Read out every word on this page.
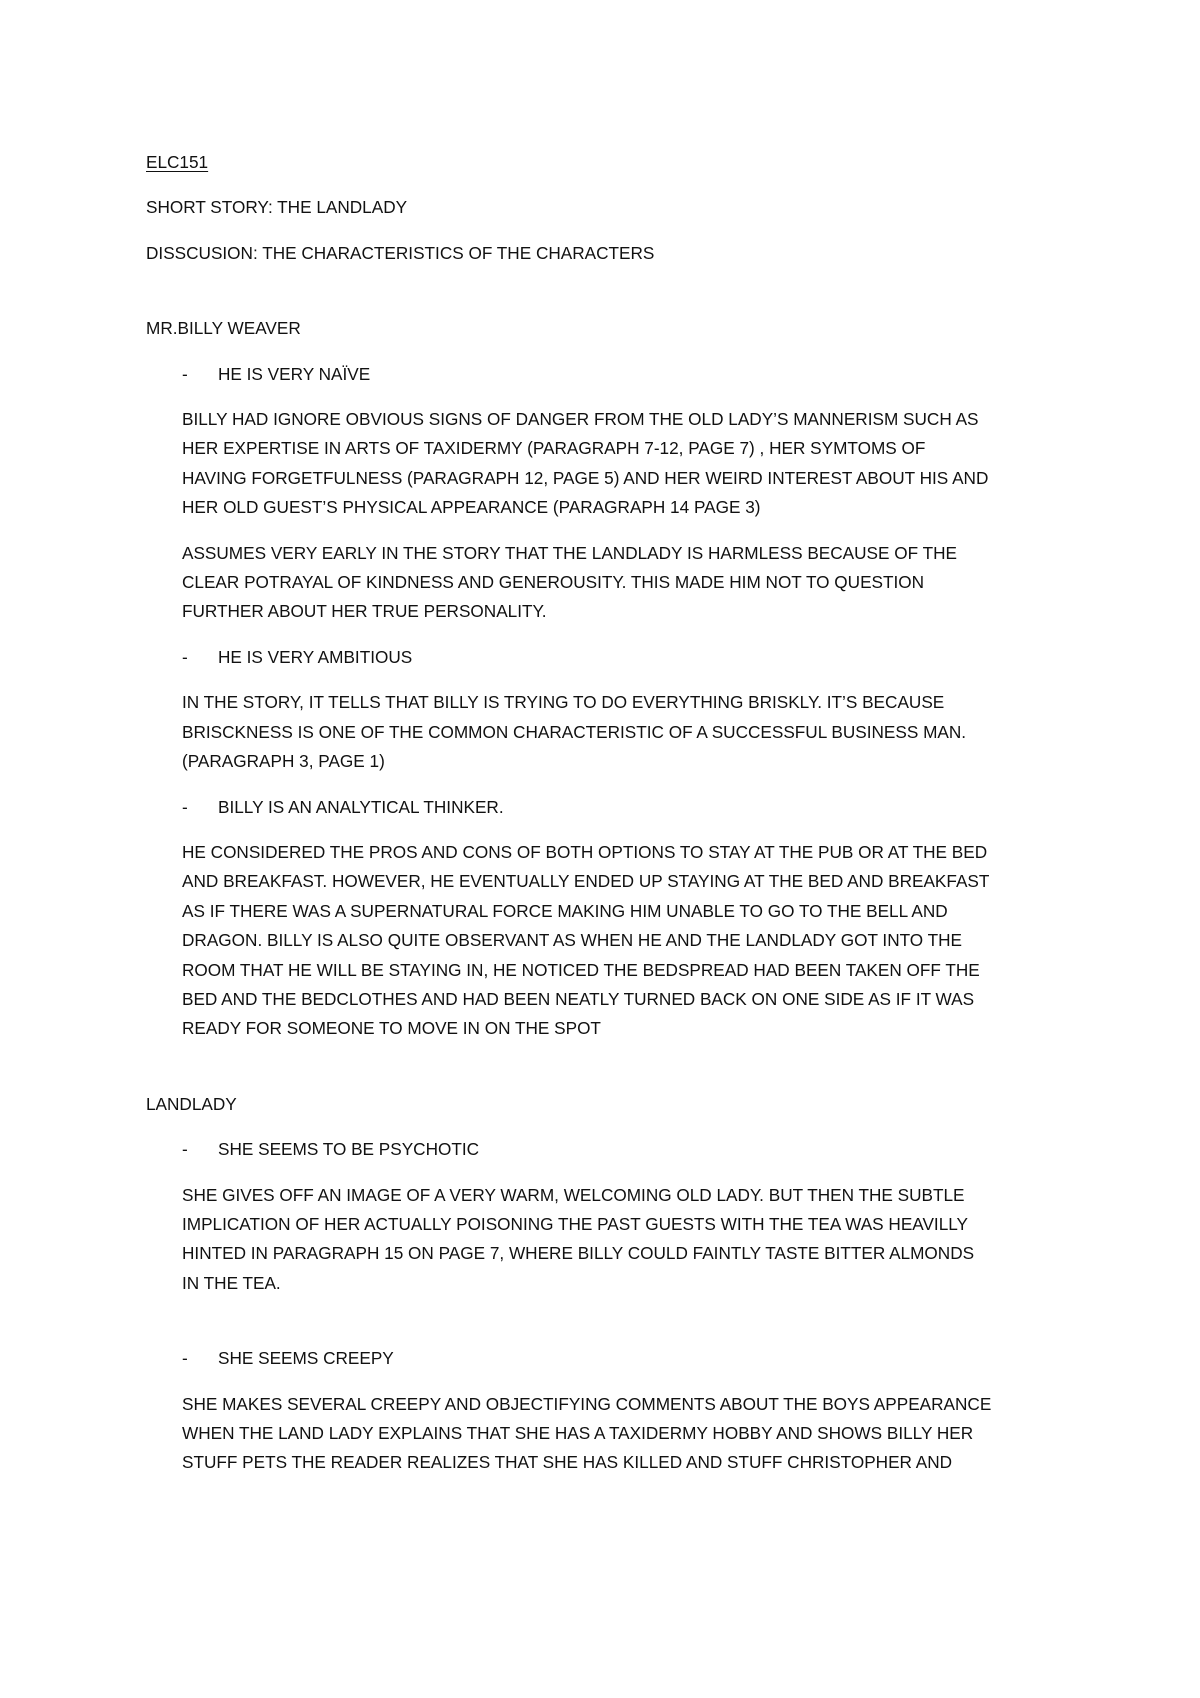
ELC151
SHORT STORY: THE LANDLADY
DISSCUSION: THE CHARACTERISTICS OF THE CHARACTERS
MR.BILLY WEAVER
- HE IS VERY NAÏVE
BILLY HAD IGNORE OBVIOUS SIGNS OF DANGER FROM THE OLD LADY’S MANNERISM SUCH AS
HER EXPERTISE IN ARTS OF TAXIDERMY (PARAGRAPH 7-12, PAGE 7) , HER SYMTOMS OF
HAVING FORGETFULNESS (PARAGRAPH 12, PAGE 5) AND HER WEIRD INTEREST ABOUT HIS AND
HER OLD GUEST’S PHYSICAL APPEARANCE (PARAGRAPH 14 PAGE 3)
ASSUMES VERY EARLY IN THE STORY THAT THE LANDLADY IS HARMLESS BECAUSE OF THE
CLEAR POTRAYAL OF KINDNESS AND GENEROUSITY. THIS MADE HIM NOT TO QUESTION
FURTHER ABOUT HER TRUE PERSONALITY.
- HE IS VERY AMBITIOUS
IN THE STORY, IT TELLS THAT BILLY IS TRYING TO DO EVERYTHING BRISKLY. IT’S BECAUSE
BRISCKNESS IS ONE OF THE COMMON CHARACTERISTIC OF A SUCCESSFUL BUSINESS MAN.
(PARAGRAPH 3, PAGE 1)
- BILLY IS AN ANALYTICAL THINKER.
HE CONSIDERED THE PROS AND CONS OF BOTH OPTIONS TO STAY AT THE PUB OR AT THE BED
AND BREAKFAST. HOWEVER, HE EVENTUALLY ENDED UP STAYING AT THE BED AND BREAKFAST
AS IF THERE WAS A SUPERNATURAL FORCE MAKING HIM UNABLE TO GO TO THE BELL AND
DRAGON. BILLY IS ALSO QUITE OBSERVANT AS WHEN HE AND THE LANDLADY GOT INTO THE
ROOM THAT HE WILL BE STAYING IN, HE NOTICED THE BEDSPREAD HAD BEEN TAKEN OFF THE
BED AND THE BEDCLOTHES AND HAD BEEN NEATLY TURNED BACK ON ONE SIDE AS IF IT WAS
READY FOR SOMEONE TO MOVE IN ON THE SPOT
LANDLADY
- SHE SEEMS TO BE PSYCHOTIC
SHE GIVES OFF AN IMAGE OF A VERY WARM, WELCOMING OLD LADY. BUT THEN THE SUBTLE
IMPLICATION OF HER ACTUALLY POISONING THE PAST GUESTS WITH THE TEA WAS HEAVILLY
HINTED IN PARAGRAPH 15 ON PAGE 7, WHERE BILLY COULD FAINTLY TASTE BITTER ALMONDS
IN THE TEA.
- SHE SEEMS CREEPY
SHE MAKES SEVERAL CREEPY AND OBJECTIFYING COMMENTS ABOUT THE BOYS APPEARANCE
WHEN THE LAND LADY EXPLAINS THAT SHE HAS A TAXIDERMY HOBBY AND SHOWS BILLY HER
STUFF PETS THE READER REALIZES THAT SHE HAS KILLED AND STUFF CHRISTOPHER AND
